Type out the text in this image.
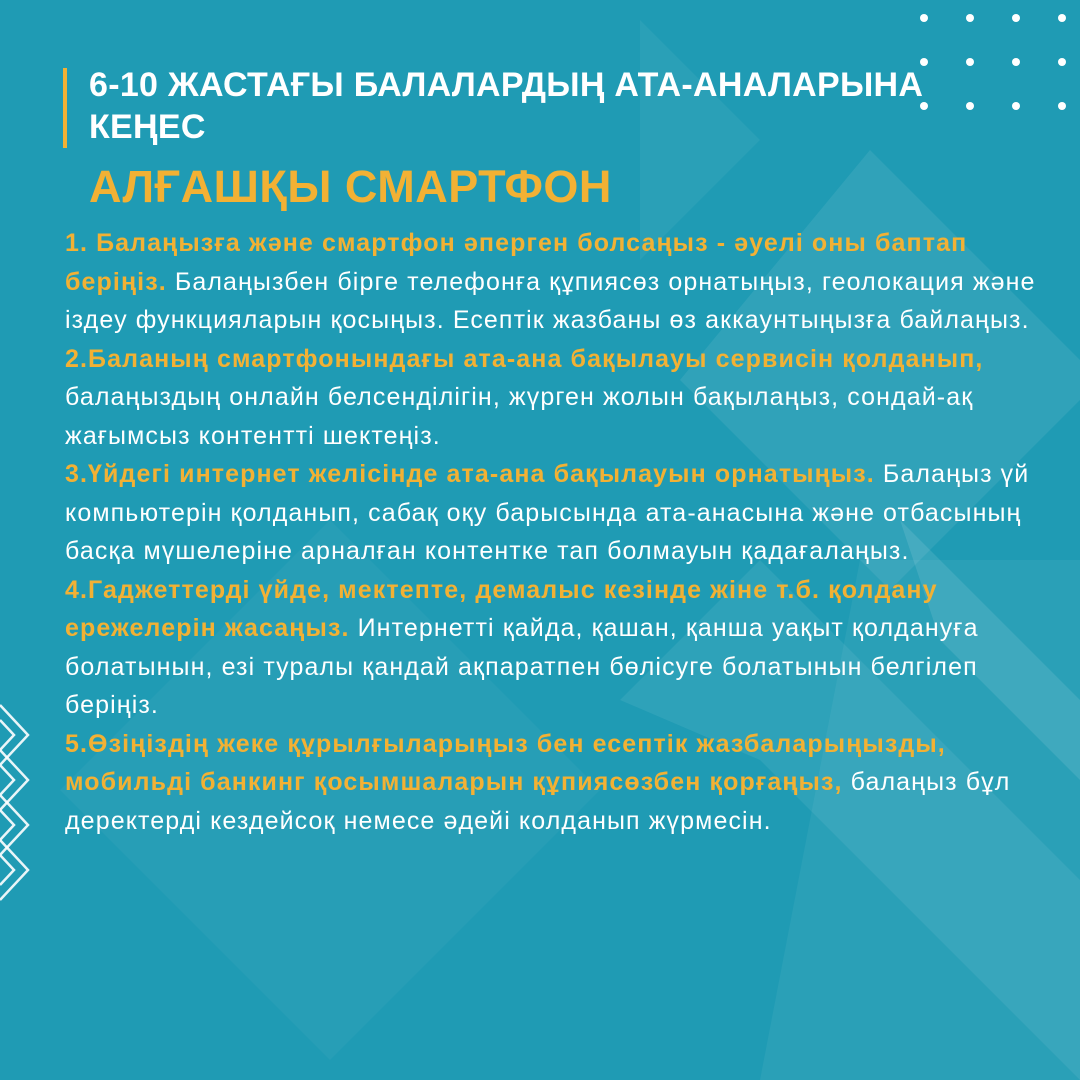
6-10 ЖАСТАҒЫ БАЛАЛАРДЫҢ АТА-АНАЛАРЫНА КЕҢЕС
АЛҒАШҚЫ СМАРТФОН

1. Балаңызға жәнe смартфон әперген болсаңыз - әуелі оны баптап беріңіз. Балаңызбен бірге телефонға құпиясөз орнатыңыз, геолокация және іздеу функцияларын қосыңыз. Есептік жазбаны өз аккаунтыңызға байлаңыз.

2.Баланың смартфонындағы ата-ана бақылауы сервисін қолданып, балаңыздың онлайн белсенділігін, жүрген жолын бақылаңыз, сондай-ақ жағымсыз контентті шектеңіз.

3.Үйдегі интернет желісінде ата-ана бақылауын орнатыңыз. Балаңыз үй компьютерін қолданып, сабақ оқу барысында ата-анасына және отбасының басқа мүшелеріне арналған контентке тап болмауын қадағалаңыз.

4.Гаджеттерді үйде, мектепте, демалыс кезінде жіне т.б. қолдану ережелерін жасаңыз. Интернетті қайда, қашан, қанша уақыт қолдануға болатынын, езі туралы қандай ақпаратпен бөлісуге болатынын белгілеп беріңіз.

5.Өзіңіздің жеке құрылғыларыңыз бен есептік жазбаларыңызды, мобильді банкинг қосымшаларын құпиясөзбен қорғаңыз, балаңыз бұл деректерді кездейсоқ немесе әдейі колданып жүрмесін.
